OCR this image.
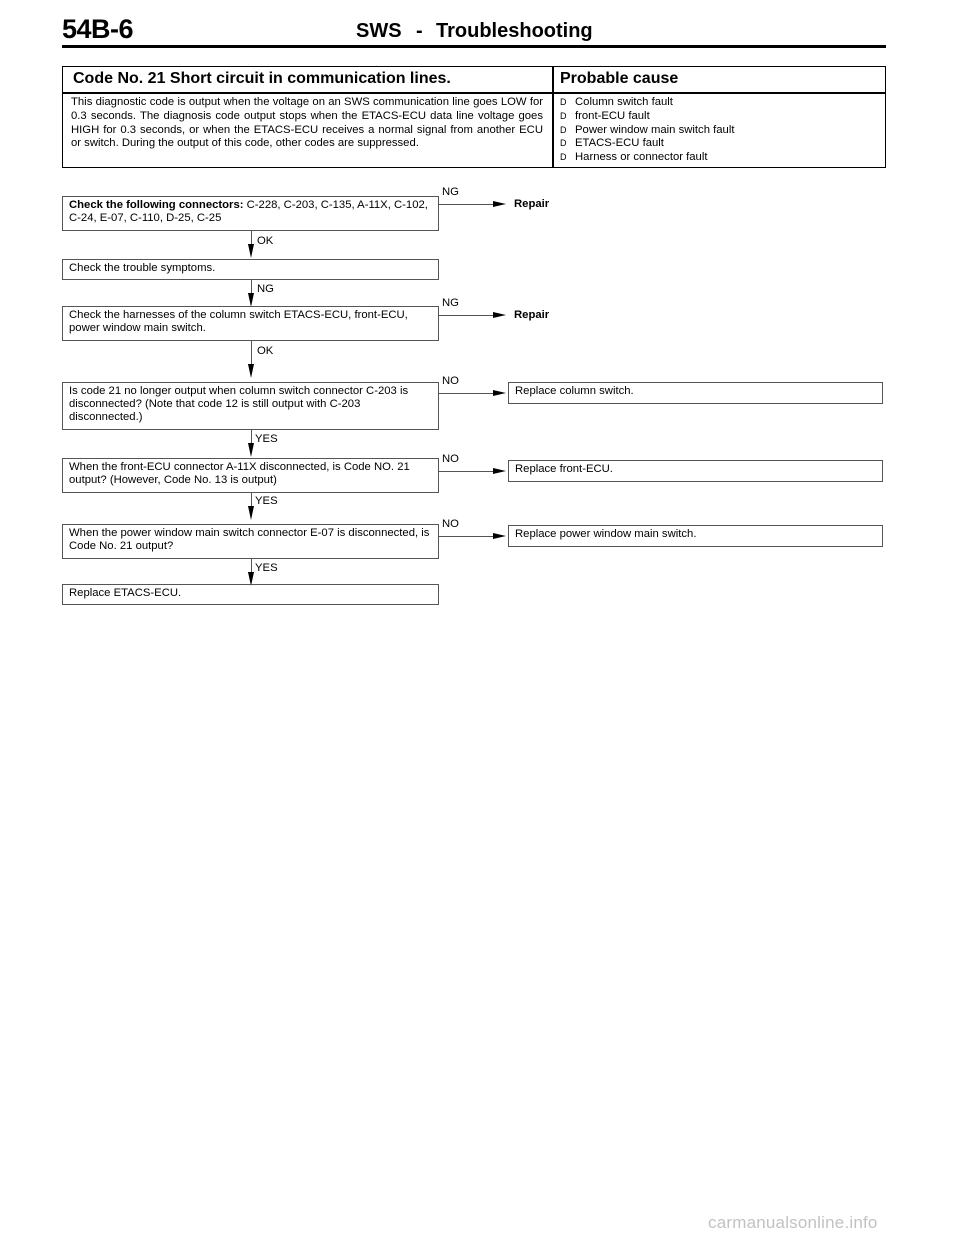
54B-6	SWS - Troubleshooting
Code No. 21 Short circuit in communication lines.	Probable cause
This diagnostic code is output when the voltage on an SWS communication line goes LOW for 0.3 seconds. The diagnosis code output stops when the ETACS-ECU data line voltage goes HIGH for 0.3 seconds, or when the ETACS-ECU receives a normal signal from another ECU or switch. During the output of this code, other codes are suppressed.
D Column switch fault
D front-ECU fault
D Power window main switch fault
D ETACS-ECU fault
D Harness or connector fault
Check the following connectors: C-228, C-203, C-135, A-11X, C-102, C-24, E-07, C-110, D-25, C-25
NG
Repair
OK
Check the trouble symptoms.
NG
Check the harnesses of the column switch ETACS-ECU, front-ECU, power window main switch.
NG
Repair
OK
Is code 21 no longer output when column switch connector C-203 is disconnected? (Note that code 12 is still output with C-203 disconnected.)
NO
Replace column switch.
YES
When the front-ECU connector A-11X disconnected, is Code NO. 21 output? (However, Code No. 13 is output)
NO
Replace front-ECU.
YES
When the power window main switch connector E-07 is disconnected, is Code No. 21 output?
NO
Replace power window main switch.
YES
Replace ETACS-ECU.
carmanualsonline.info
